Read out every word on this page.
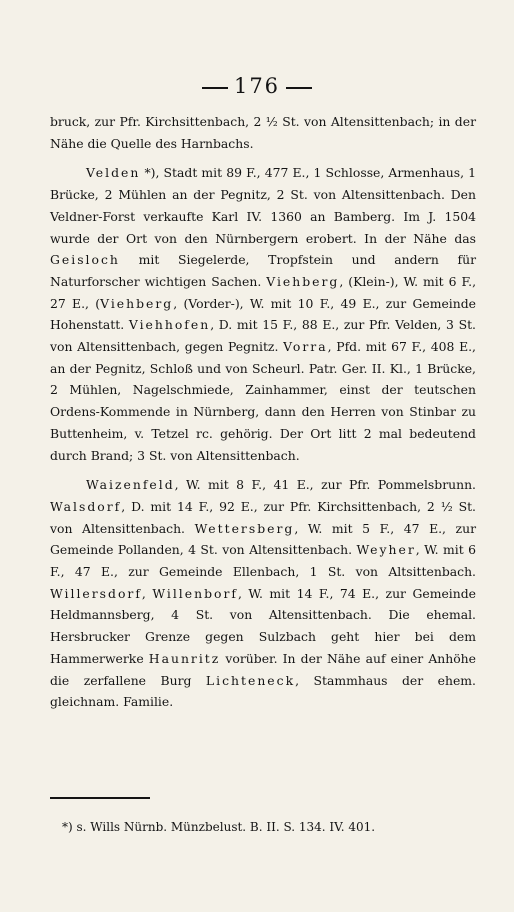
176

bruck, zur Pfr. Kirchsittenbach, 2 ½ St. von Altensittenbach; in der Nähe die Quelle des Harnbachs.

Velden *), Stadt mit 89 F., 477 E., 1 Schlosse, Armenhaus, 1 Brücke, 2 Mühlen an der Pegnitz, 2 St. von Altensittenbach. Den Veldner-Forst verkaufte Karl IV. 1360 an Bamberg. Im J. 1504 wurde der Ort von den Nürnbergern erobert. In der Nähe das Geisloch mit Siegelerde, Tropfstein und andern für Naturforscher wichtigen Sachen. Viehberg, (Klein-), W. mit 6 F., 27 E., (Viehberg, (Vorder-), W. mit 10 F., 49 E., zur Gemeinde Hohenstatt. Viehhofen, D. mit 15 F., 88 E., zur Pfr. Velden, 3 St. von Altensittenbach, gegen Pegnitz. Vorra, Pfd. mit 67 F., 408 E., an der Pegnitz, Schloß und von Scheurl. Patr. Ger. II. Kl., 1 Brücke, 2 Mühlen, Nagelschmiede, Zainhammer, einst der teutschen Ordens-Kommende in Nürnberg, dann den Herren von Stinbar zu Buttenheim, v. Tetzel rc. gehörig. Der Ort litt 2 mal bedeutend durch Brand; 3 St. von Altensittenbach.

Waizenfeld, W. mit 8 F., 41 E., zur Pfr. Pommelsbrunn. Walsdorf, D. mit 14 F., 92 E., zur Pfr. Kirchsittenbach, 2 ½ St. von Altensittenbach. Wettersberg, W. mit 5 F., 47 E., zur Gemeinde Pollanden, 4 St. von Altensittenbach. Weyher, W. mit 6 F., 47 E., zur Gemeinde Ellenbach, 1 St. von Altsittenbach. Willersdorf, Willenborf, W. mit 14 F., 74 E., zur Gemeinde Heldmannsberg, 4 St. von Altensittenbach. Die ehemal. Hersbrucker Grenze gegen Sulzbach geht hier bei dem Hammerwerke Haunritz vorüber. In der Nähe auf einer Anhöhe die zerfallene Burg Lichteneck, Stammhaus der ehem. gleichnam. Familie.

*) s. Wills Nürnb. Münzbelust. B. II. S. 134. IV. 401.
